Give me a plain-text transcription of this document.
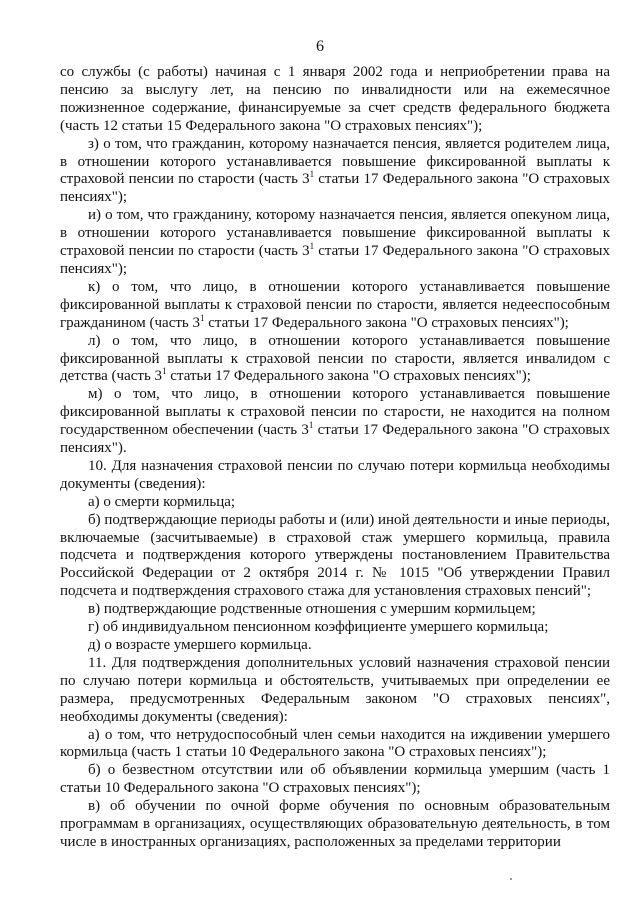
6

со службы (с работы) начиная с 1 января 2002 года и неприобретении права на пенсию за выслугу лет, на пенсию по инвалидности или на ежемесячное пожизненное содержание, финансируемые за счет средств федерального бюджета (часть 12 статьи 15 Федерального закона "О страховых пенсиях");

з) о том, что гражданин, которому назначается пенсия, является родителем лица, в отношении которого устанавливается повышение фиксированной выплаты к страховой пенсии по старости (часть $3^1$ статьи 17 Федерального закона "О страховых пенсиях");

и) о том, что гражданину, которому назначается пенсия, является опекуном лица, в отношении которого устанавливается повышение фиксированной выплаты к страховой пенсии по старости (часть $3^1$ статьи 17 Федерального закона "О страховых пенсиях");

к) о том, что лицо, в отношении которого устанавливается повышение фиксированной выплаты к страховой пенсии по старости, является недееспособным гражданином (часть $3^1$ статьи 17 Федерального закона "О страховых пенсиях");

л) о том, что лицо, в отношении которого устанавливается повышение фиксированной выплаты к страховой пенсии по старости, является инвалидом с детства (часть $3^1$ статьи 17 Федерального закона "О страховых пенсиях");

м) о том, что лицо, в отношении которого устанавливается повышение фиксированной выплаты к страховой пенсии по старости, не находится на полном государственном обеспечении (часть $3^1$ статьи 17 Федерального закона "О страховых пенсиях").

10. Для назначения страховой пенсии по случаю потери кормильца необходимы документы (сведения):

а) о смерти кормильца;

б) подтверждающие периоды работы и (или) иной деятельности и иные периоды, включаемые (засчитываемые) в страховой стаж умершего кормильца, правила подсчета и подтверждения которого утверждены постановлением Правительства Российской Федерации от 2 октября 2014 г. № 1015 "Об утверждении Правил подсчета и подтверждения страхового стажа для установления страховых пенсий";

в) подтверждающие родственные отношения с умершим кормильцем;

г) об индивидуальном пенсионном коэффициенте умершего кормильца;

д) о возрасте умершего кормильца.

11. Для подтверждения дополнительных условий назначения страховой пенсии по случаю потери кормильца и обстоятельств, учитываемых при определении ее размера, предусмотренных Федеральным законом "О страховых пенсиях", необходимы документы (сведения):

а) о том, что нетрудоспособный член семьи находится на иждивении умершего кормильца (часть 1 статьи 10 Федерального закона "О страховых пенсиях");

б) о безвестном отсутствии или об объявлении кормильца умершим (часть 1 статьи 10 Федерального закона "О страховых пенсиях");

в) об обучении по очной форме обучения по основным образовательным программам в организациях, осуществляющих образовательную деятельность, в том числе в иностранных организациях, расположенных за пределами территории
